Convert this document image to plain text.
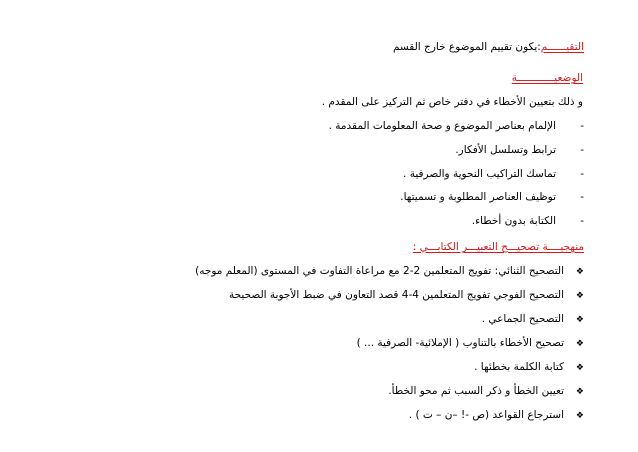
التقيــــــم:يكون تقييم الموضوع خارج القسم
الوضعيــــــــــــة
و ذلك بتعيين الأخطاء في دفتر خاص ثم التركيز على المقدم .
-الإلمام بعناصر الموضوع و صحة المعلومات المقدمة .
-ترابط وتسلسل الأفكار.
-تماسك التراكيب النحوية والصرفية .
-توظيف العناصر المطلوبة و تسميتها.
-الكتابة بدون أخطاء.
منهجيــــة تصحيـــح التعبيـــر الكتابـــي :
❖التصحيح الثنائي: تفويج المتعلمين 2-2 مع مراعاة التفاوت في المستوى (المعلم موجه)
❖التصحيح الفوجي تفويج المتعلمين 4-4 قصد التعاون في ضبط الأجوبة الصحيحة
❖التصحيح الجماعي .
❖تصحيح الأخطاء بالتناوب ( الإملائية- الصرفية ... )
❖كتابة الكلمة بخطئها .
❖تعيين الخطأ و ذكر السبب ثم محو الخطأ.
❖استرجاع القواعد (ص -! –ن – ت ) .
